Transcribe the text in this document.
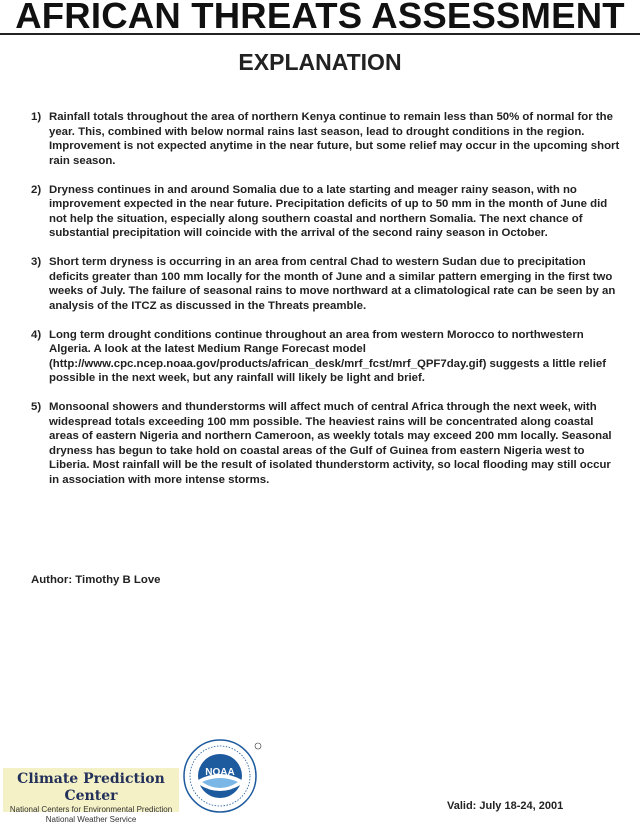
AFRICAN THREATS ASSESSMENT
EXPLANATION
1) Rainfall totals throughout the area of northern Kenya continue to remain less than 50% of normal for the year. This, combined with below normal rains last season, lead to drought conditions in the region. Improvement is not expected anytime in the near future, but some relief may occur in the upcoming short rain season.
2) Dryness continues in and around Somalia due to a late starting and meager rainy season, with no improvement expected in the near future. Precipitation deficits of up to 50 mm in the month of June did not help the situation, especially along southern coastal and northern Somalia. The next chance of substantial precipitation will coincide with the arrival of the second rainy season in October.
3) Short term dryness is occurring in an area from central Chad to western Sudan due to precipitation deficits greater than 100 mm locally for the month of June and a similar pattern emerging in the first two weeks of July. The failure of seasonal rains to move northward at a climatological rate can be seen by an analysis of the ITCZ as discussed in the Threats preamble.
4) Long term drought conditions continue throughout an area from western Morocco to northwestern Algeria. A look at the latest Medium Range Forecast model (http://www.cpc.ncep.noaa.gov/products/african_desk/mrf_fcst/mrf_QPF7day.gif) suggests a little relief possible in the next week, but any rainfall will likely be light and brief.
5) Monsoonal showers and thunderstorms will affect much of central Africa through the next week, with widespread totals exceeding 100 mm possible. The heaviest rains will be concentrated along coastal areas of eastern Nigeria and northern Cameroon, as weekly totals may exceed 200 mm locally. Seasonal dryness has begun to take hold on coastal areas of the Gulf of Guinea from eastern Nigeria west to Liberia. Most rainfall will be the result of isolated thunderstorm activity, so local flooding may still occur in association with more intense storms.
Author: Timothy B Love
Climate Prediction Center
National Centers for Environmental Prediction
National Weather Service
NOAA
Valid: July 18-24, 2001
